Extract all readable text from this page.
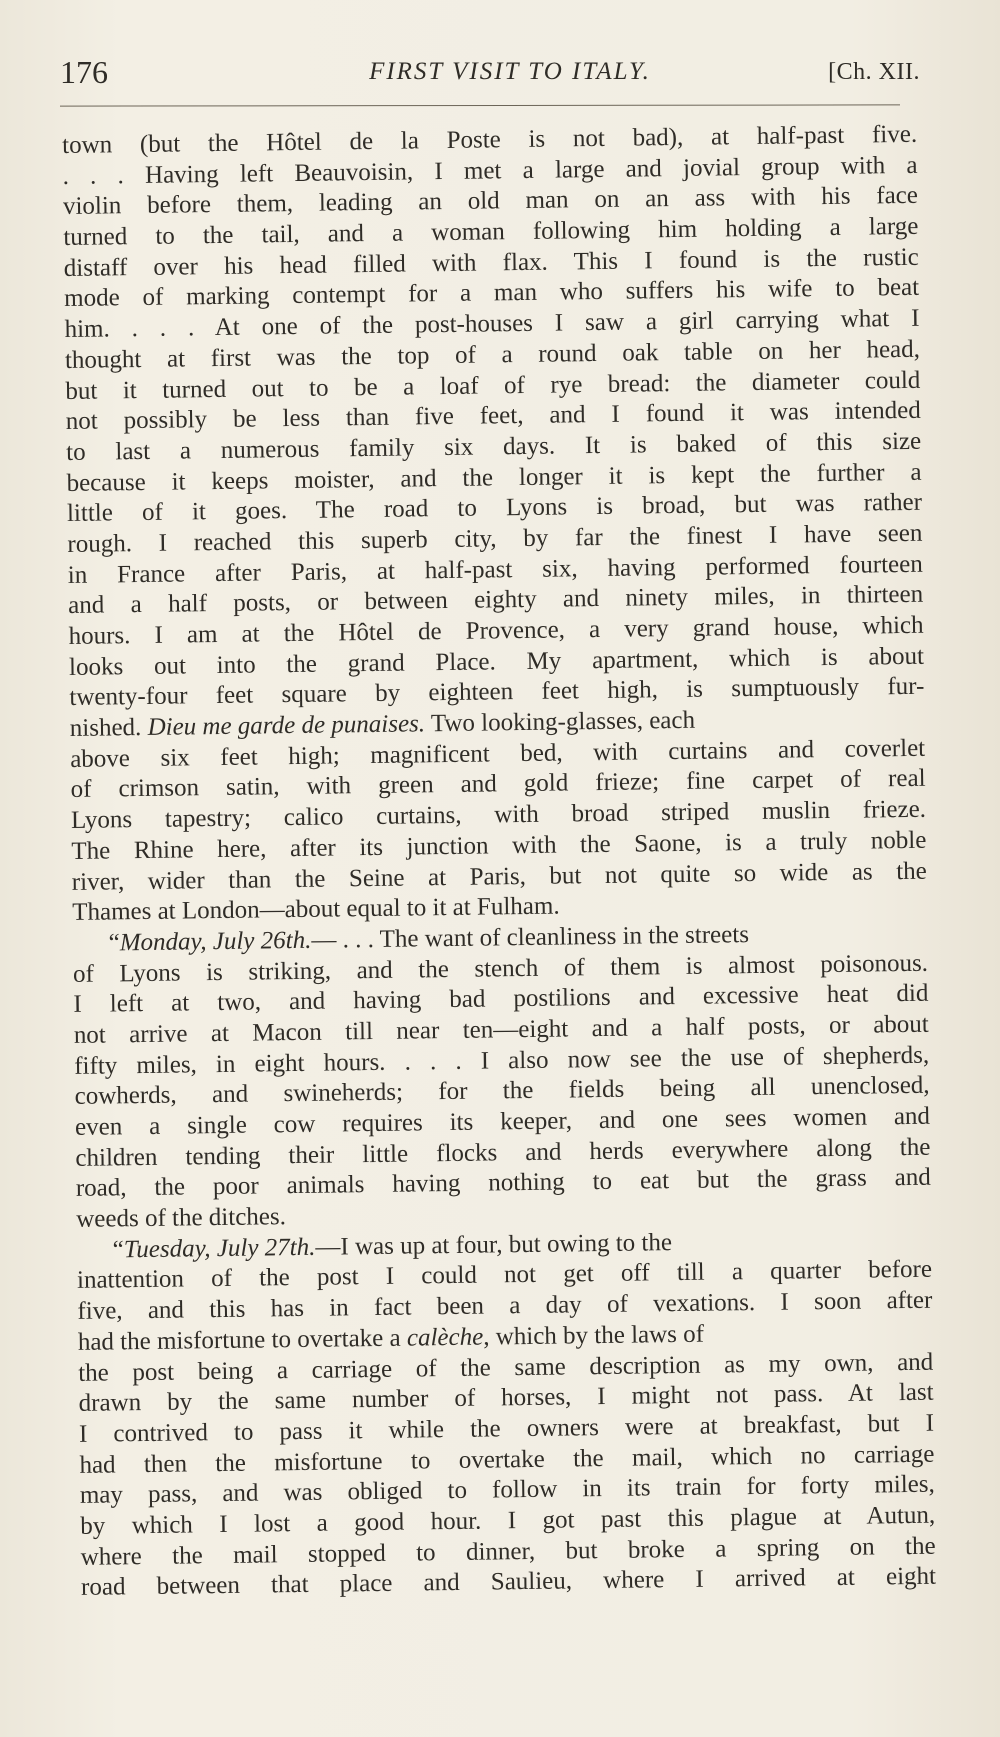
176	FIRST VISIT TO ITALY.	[Ch. XII.
town (but the Hôtel de la Poste is not bad), at half-past five.
. . . Having left Beauvoisin, I met a large and jovial group with a
violin before them, leading an old man on an ass with his face
turned to the tail, and a woman following him holding a large
distaff over his head filled with flax. This I found is the rustic
mode of marking contempt for a man who suffers his wife to beat
him. . . . At one of the post-houses I saw a girl carrying what I
thought at first was the top of a round oak table on her head,
but it turned out to be a loaf of rye bread: the diameter could
not possibly be less than five feet, and I found it was intended
to last a numerous family six days. It is baked of this size
because it keeps moister, and the longer it is kept the further a
little of it goes. The road to Lyons is broad, but was rather
rough. I reached this superb city, by far the finest I have seen
in France after Paris, at half-past six, having performed fourteen
and a half posts, or between eighty and ninety miles, in thirteen
hours. I am at the Hôtel de Provence, a very grand house, which
looks out into the grand Place. My apartment, which is about
twenty-four feet square by eighteen feet high, is sumptuously fur-
nished. Dieu me garde de punaises. Two looking-glasses, each
above six feet high; magnificent bed, with curtains and coverlet
of crimson satin, with green and gold frieze; fine carpet of real
Lyons tapestry; calico curtains, with broad striped muslin frieze.
The Rhine here, after its junction with the Saone, is a truly noble
river, wider than the Seine at Paris, but not quite so wide as the
Thames at London—about equal to it at Fulham.
“Monday, July 26th.— . . . The want of cleanliness in the streets
of Lyons is striking, and the stench of them is almost poisonous.
I left at two, and having bad postilions and excessive heat did
not arrive at Macon till near ten—eight and a half posts, or about
fifty miles, in eight hours. . . . I also now see the use of shepherds,
cowherds, and swineherds; for the fields being all unenclosed,
even a single cow requires its keeper, and one sees women and
children tending their little flocks and herds everywhere along the
road, the poor animals having nothing to eat but the grass and
weeds of the ditches.
“Tuesday, July 27th.—I was up at four, but owing to the
inattention of the post I could not get off till a quarter before
five, and this has in fact been a day of vexations. I soon after
had the misfortune to overtake a calèche, which by the laws of
the post being a carriage of the same description as my own, and
drawn by the same number of horses, I might not pass. At last
I contrived to pass it while the owners were at breakfast, but I
had then the misfortune to overtake the mail, which no carriage
may pass, and was obliged to follow in its train for forty miles,
by which I lost a good hour. I got past this plague at Autun,
where the mail stopped to dinner, but broke a spring on the
road between that place and Saulieu, where I arrived at eight
